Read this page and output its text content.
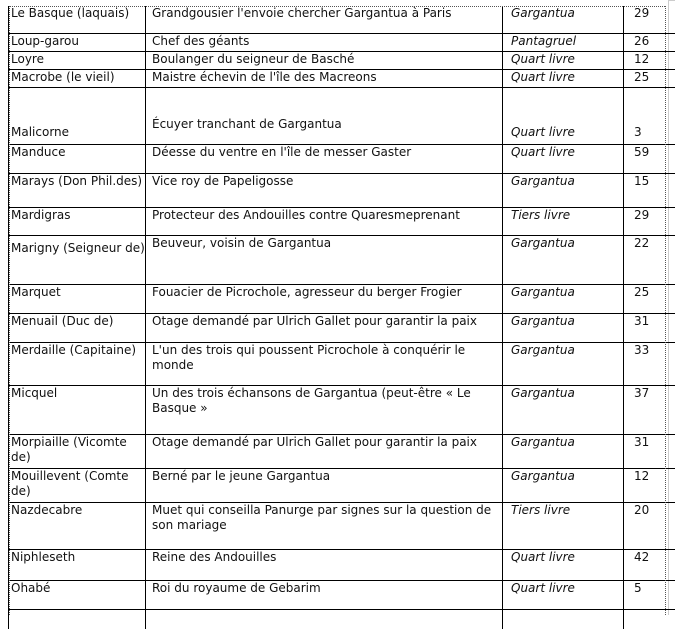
Le Basque (laquais)	Grandgousier l'envoie chercher Gargantua à Paris	Gargantua	29
Loup-garou	Chef des géants	Pantagruel	26
Loyre	Boulanger du seigneur de Basché	Quart livre	12
Macrobe (le vieil)	Maistre échevin de l'île des Macreons	Quart livre	25
Malicorne	Écuyer tranchant de Gargantua	Quart livre	3
Manduce	Déesse du ventre en l'île de messer Gaster	Quart livre	59
Marays (Don Phil.des)	Vice roy de Papeligosse	Gargantua	15
Mardigras	Protecteur des Andouilles contre Quaresmeprenant	Tiers livre	29
Marigny (Seigneur de)	Beuveur, voisin de Gargantua	Gargantua	22
Marquet	Fouacier de Picrochole, agresseur du berger Frogier	Gargantua	25
Menuail (Duc de)	Otage demandé par Ulrich Gallet pour garantir la paix	Gargantua	31
Merdaille (Capitaine)	L'un des trois qui poussent Picrochole à conquérir le monde	Gargantua	33
Micquel	Un des trois échansons de Gargantua (peut-être « Le Basque »	Gargantua	37
Morpiaille (Vicomte de)	Otage demandé par Ulrich Gallet pour garantir la paix	Gargantua	31
Mouillevent (Comte de)	Berné par le jeune Gargantua	Gargantua	12
Nazdecabre	Muet qui conseilla Panurge par signes sur la question de son mariage	Tiers livre	20
Niphleseth	Reine des Andouilles	Quart livre	42
Ohabé	Roi du royaume de Gebarim	Quart livre	5
